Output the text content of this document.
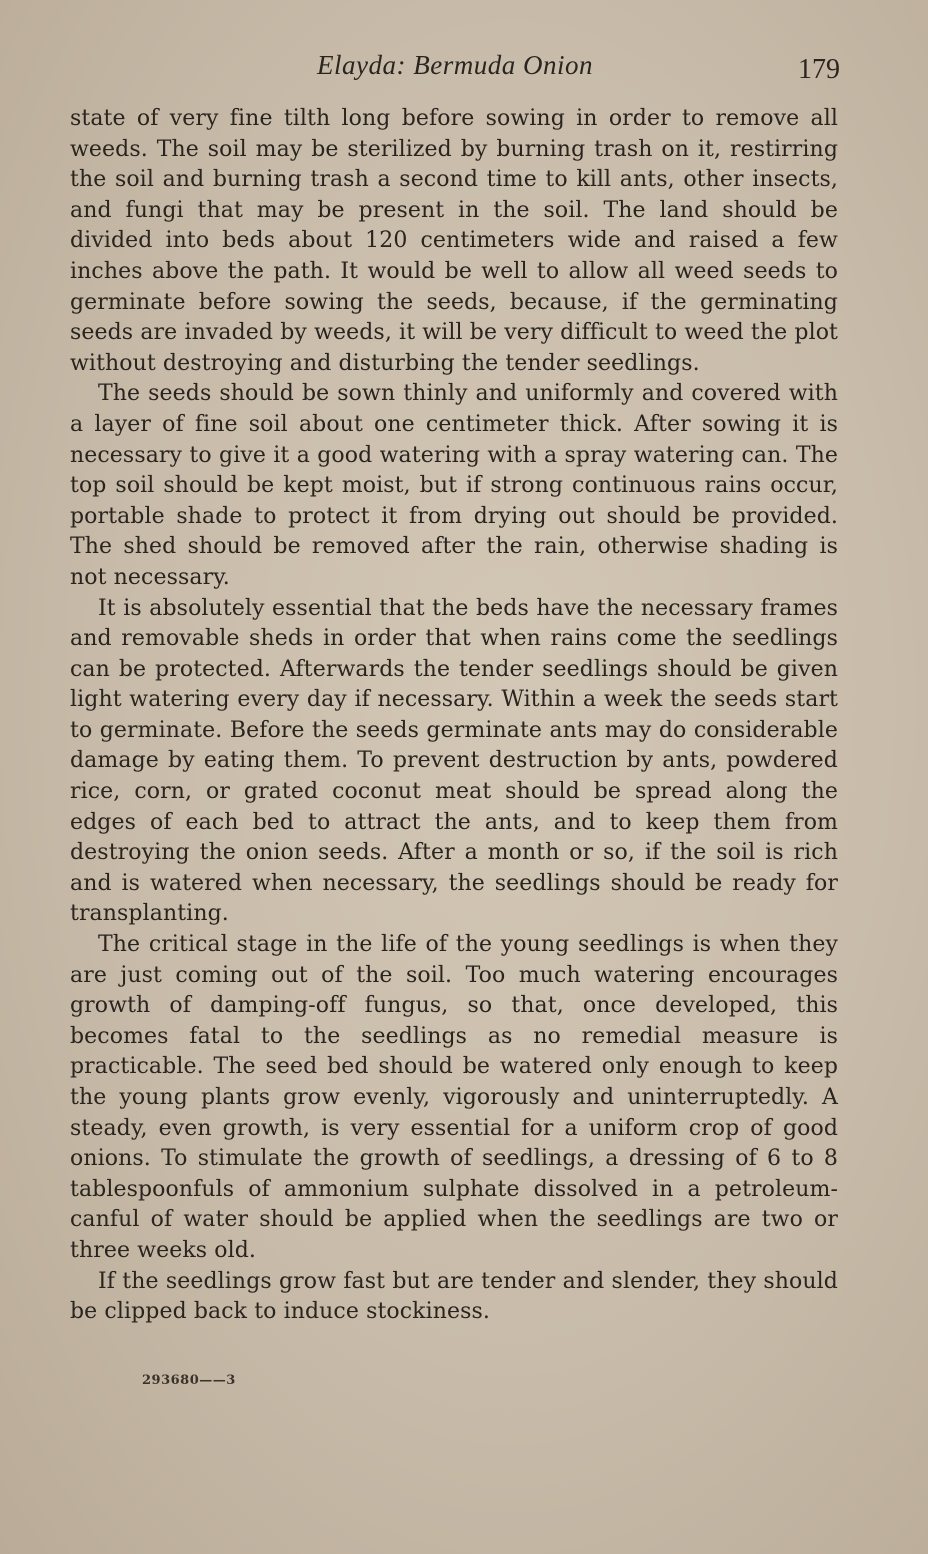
Elayda: Bermuda Onion	179

state of very fine tilth long before sowing in order to remove all weeds. The soil may be sterilized by burning trash on it, restirring the soil and burning trash a second time to kill ants, other insects, and fungi that may be present in the soil. The land should be divided into beds about 120 centimeters wide and raised a few inches above the path. It would be well to allow all weed seeds to germinate before sowing the seeds, because, if the germinating seeds are invaded by weeds, it will be very difficult to weed the plot without destroying and disturbing the tender seedlings.

The seeds should be sown thinly and uniformly and covered with a layer of fine soil about one centimeter thick. After sowing it is necessary to give it a good watering with a spray watering can. The top soil should be kept moist, but if strong continuous rains occur, portable shade to protect it from drying out should be provided. The shed should be removed after the rain, otherwise shading is not necessary.

It is absolutely essential that the beds have the necessary frames and removable sheds in order that when rains come the seedlings can be protected. Afterwards the tender seedlings should be given light watering every day if necessary. Within a week the seeds start to germinate. Before the seeds germinate ants may do considerable damage by eating them. To prevent destruction by ants, powdered rice, corn, or grated coconut meat should be spread along the edges of each bed to attract the ants, and to keep them from destroying the onion seeds. After a month or so, if the soil is rich and is watered when necessary, the seedlings should be ready for transplanting.

The critical stage in the life of the young seedlings is when they are just coming out of the soil. Too much watering encourages growth of damping-off fungus, so that, once developed, this becomes fatal to the seedlings as no remedial measure is practicable. The seed bed should be watered only enough to keep the young plants grow evenly, vigorously and uninterruptedly. A steady, even growth, is very essential for a uniform crop of good onions. To stimulate the growth of seedlings, a dressing of 6 to 8 tablespoonfuls of ammonium sulphate dissolved in a petroleum-canful of water should be applied when the seedlings are two or three weeks old.

If the seedlings grow fast but are tender and slender, they should be clipped back to induce stockiness.

293680——3
